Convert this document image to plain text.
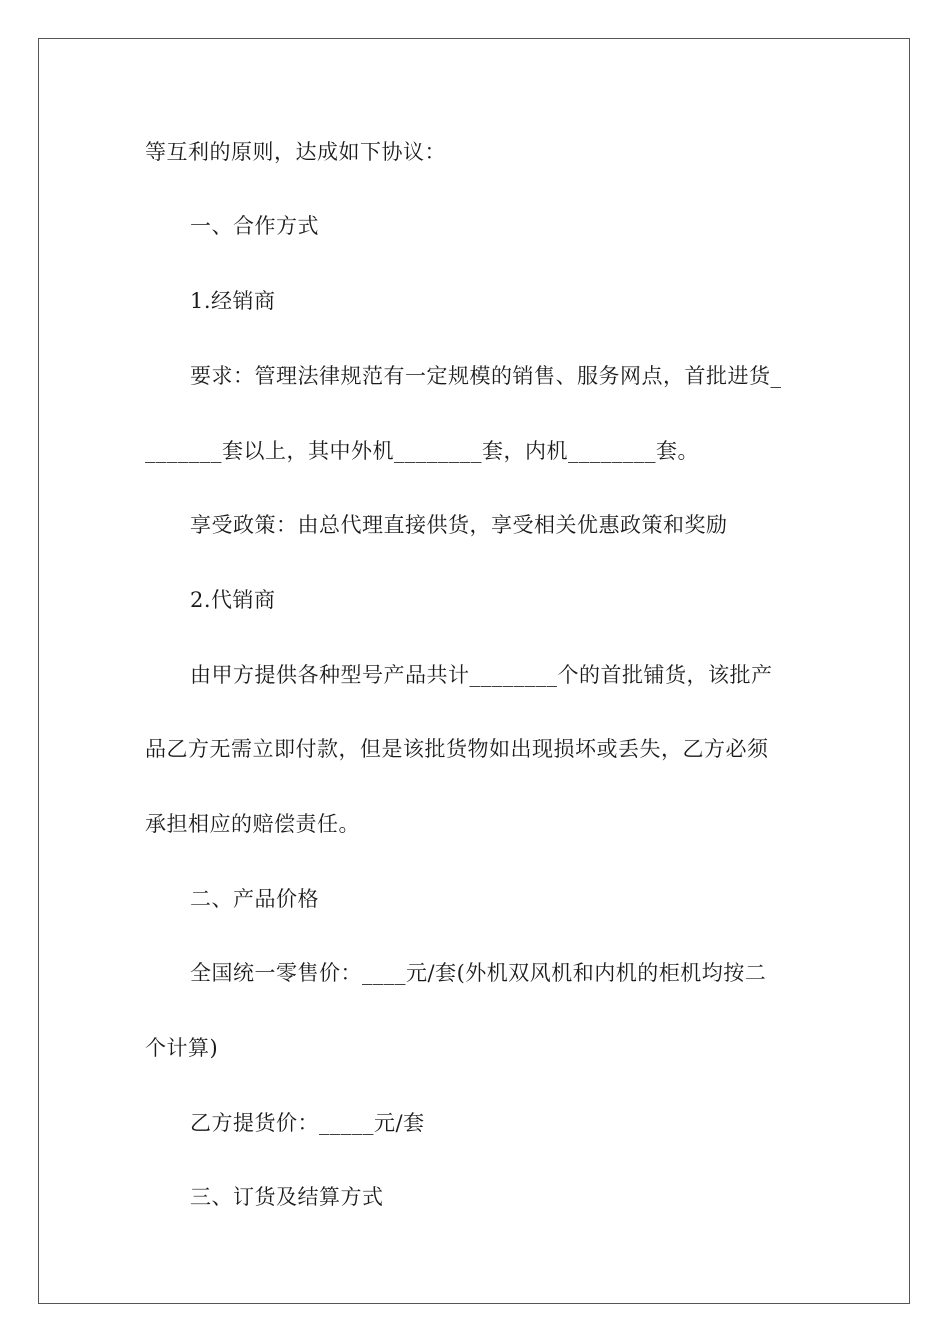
等互利的原则，达成如下协议：
一、合作方式
1.经销商
要求：管理法律规范有一定规模的销售、服务网点，首批进货_
_______套以上，其中外机________套，内机________套。
享受政策：由总代理直接供货，享受相关优惠政策和奖励
2.代销商
由甲方提供各种型号产品共计________个的首批铺货，该批产
品乙方无需立即付款，但是该批货物如出现损坏或丢失，乙方必须
承担相应的赔偿责任。
二、产品价格
全国统一零售价：____元/套(外机双风机和内机的柜机均按二
个计算)
乙方提货价：_____元/套
三、订货及结算方式
